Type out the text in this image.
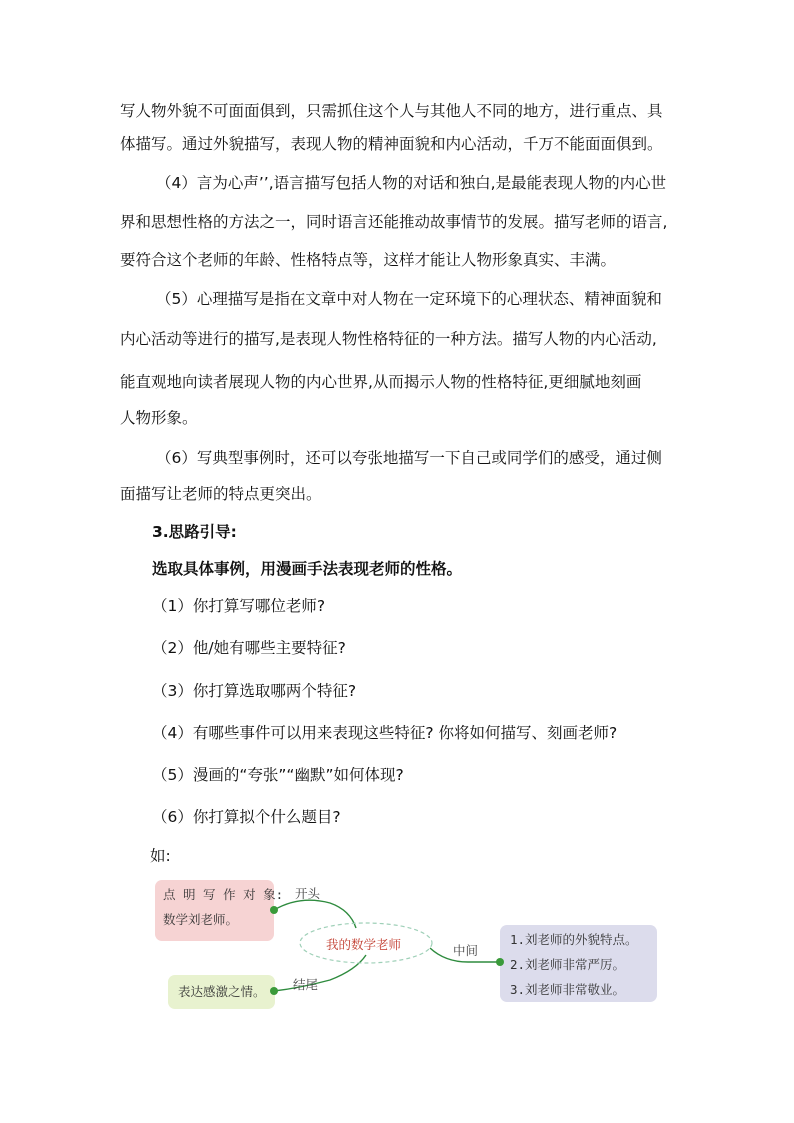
写人物外貌不可面面俱到，只需抓住这个人与其他人不同的地方，进行重点、具
体描写。通过外貌描写，表现人物的精神面貌和内心活动，千万不能面面俱到。
（4）言为心声’’,语言描写包括人物的对话和独白,是最能表现人物的内心世
界和思想性格的方法之一，同时语言还能推动故事情节的发展。描写老师的语言,
要符合这个老师的年龄、性格特点等，这样才能让人物形象真实、丰满。
（5）心理描写是指在文章中对人物在一定环境下的心理状态、精神面貌和
内心活动等进行的描写,是表现人物性格特征的一种方法。描写人物的内心活动,
能直观地向读者展现人物的内心世界,从而揭示人物的性格特征,更细腻地刻画
人物形象。
（6）写典型事例时，还可以夸张地描写一下自己或同学们的感受，通过侧
面描写让老师的特点更突出。
3.思路引导:
选取具体事例，用漫画手法表现老师的性格。
（1）你打算写哪位老师?
（2）他/她有哪些主要特征?
（3）你打算选取哪两个特征?
（4）有哪些事件可以用来表现这些特征? 你将如何描写、刻画老师?
（5）漫画的“夸张”“幽默”如何体现?
（6）你打算拟个什么题目?
如:
点 明 写 作 对 象:
数学刘老师。
1.刘老师的外貌特点。
2.刘老师非常严厉。
3.刘老师非常敬业。
表达感激之情。
我的数学老师
开头
中间
结尾
